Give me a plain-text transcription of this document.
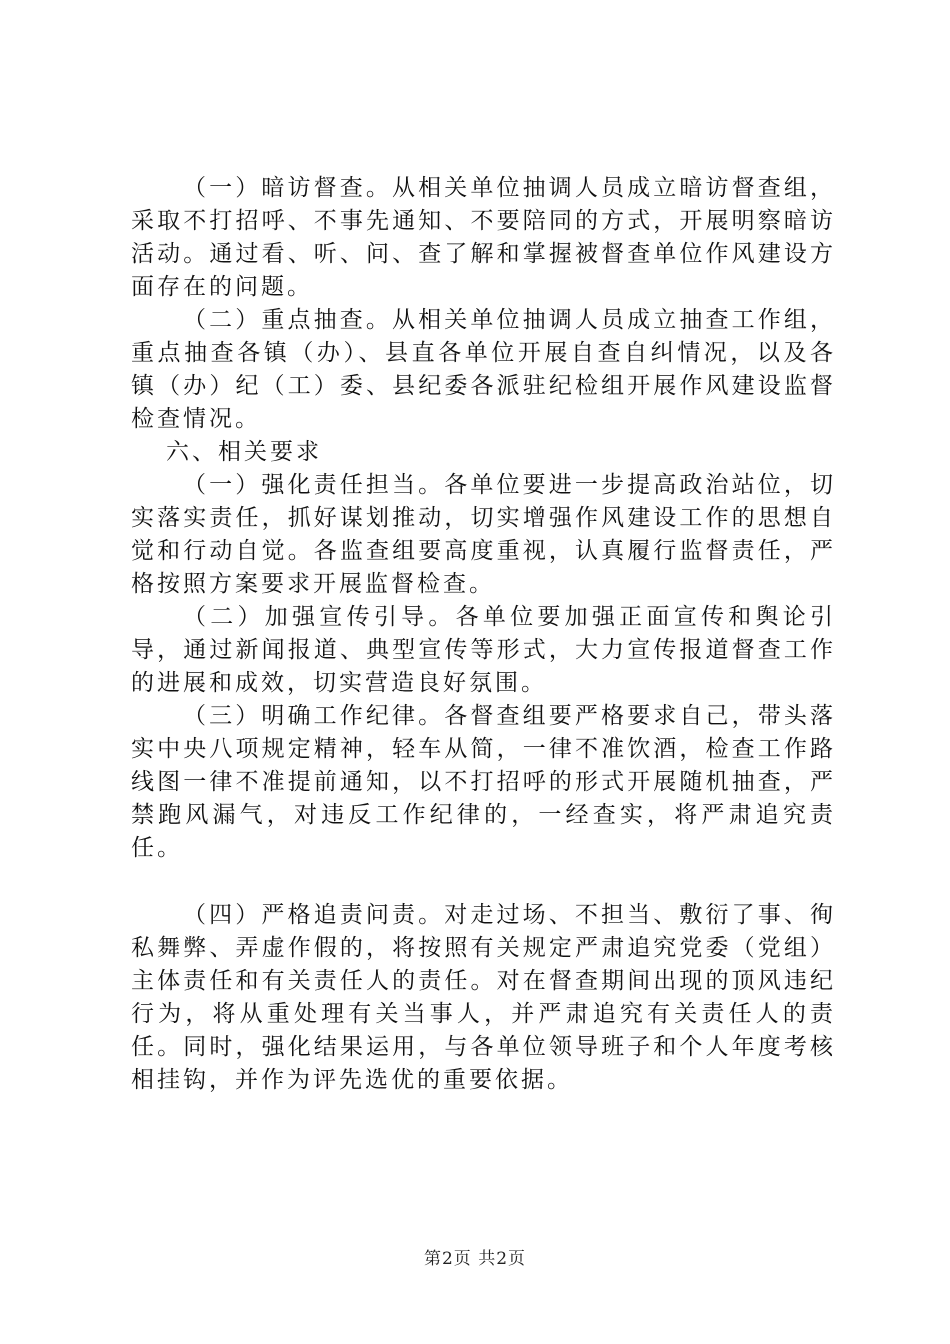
（一）暗访督查。从相关单位抽调人员成立暗访督查组，采取不打招呼、不事先通知、不要陪同的方式，开展明察暗访活动。通过看、听、问、查了解和掌握被督查单位作风建设方面存在的问题。

（二）重点抽查。从相关单位抽调人员成立抽查工作组，重点抽查各镇（办）、县直各单位开展自查自纠情况，以及各镇（办）纪（工）委、县纪委各派驻纪检组开展作风建设监督检查情况。

六、相关要求

（一）强化责任担当。各单位要进一步提高政治站位，切实落实责任，抓好谋划推动，切实增强作风建设工作的思想自觉和行动自觉。各监查组要高度重视，认真履行监督责任，严格按照方案要求开展监督检查。

（二）加强宣传引导。各单位要加强正面宣传和舆论引导，通过新闻报道、典型宣传等形式，大力宣传报道督查工作的进展和成效，切实营造良好氛围。

（三）明确工作纪律。各督查组要严格要求自己，带头落实中央八项规定精神，轻车从简，一律不准饮酒，检查工作路线图一律不准提前通知，以不打招呼的形式开展随机抽查，严禁跑风漏气，对违反工作纪律的，一经查实，将严肃追究责任。

（四）严格追责问责。对走过场、不担当、敷衍了事、徇私舞弊、弄虚作假的，将按照有关规定严肃追究党委（党组）主体责任和有关责任人的责任。对在督查期间出现的顶风违纪行为，将从重处理有关当事人，并严肃追究有关责任人的责任。同时，强化结果运用，与各单位领导班子和个人年度考核相挂钩，并作为评先选优的重要依据。

第2页 共2页
